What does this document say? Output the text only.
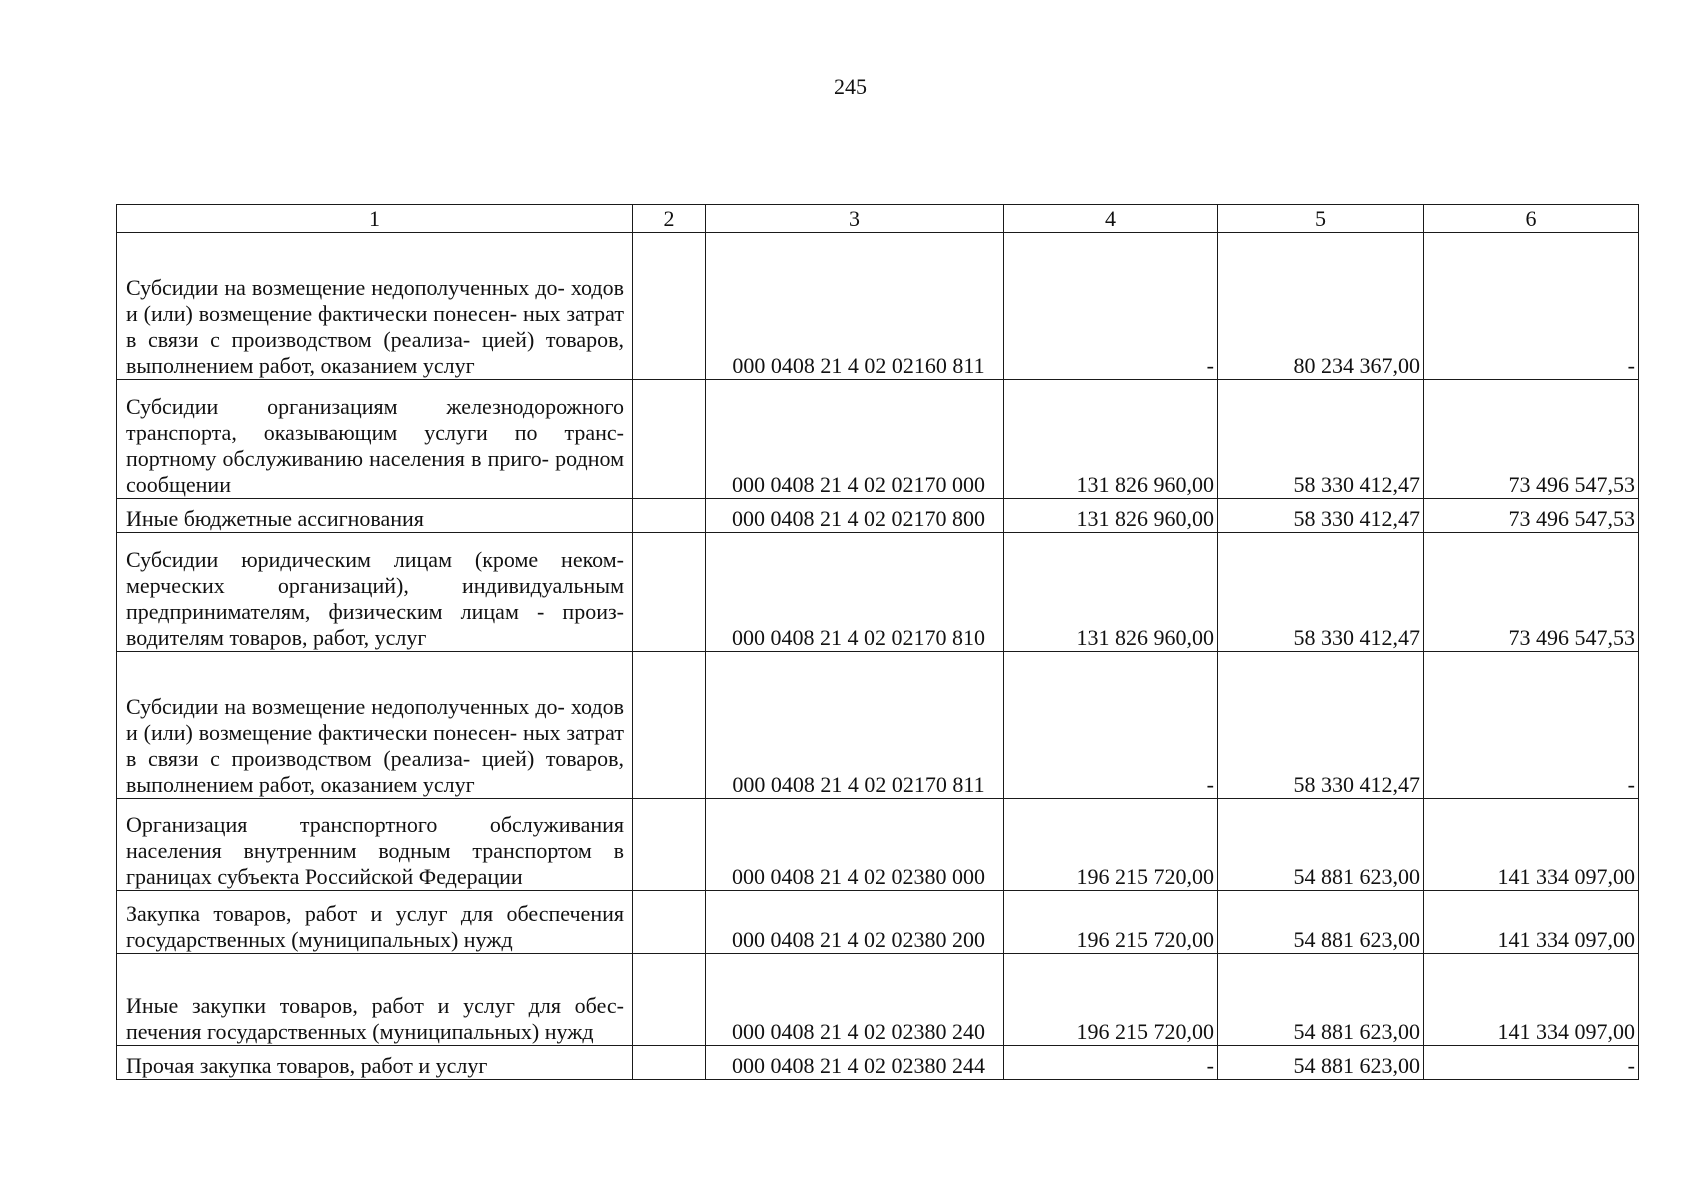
245
1	2	3	4	5	6
Субсидии на возмещение недополученных до- ходов и (или) возмещение фактически понесен- ных затрат в связи с производством (реализа- цией) товаров, выполнением работ, оказанием услуг		000 0408 21 4 02 02160 811	-	80 234 367,00	-
Субсидии организациям железнодорожного транспорта, оказывающим услуги по транс- портному обслуживанию населения в приго- родном сообщении		000 0408 21 4 02 02170 000	131 826 960,00	58 330 412,47	73 496 547,53
Иные бюджетные ассигнования		000 0408 21 4 02 02170 800	131 826 960,00	58 330 412,47	73 496 547,53
Субсидии юридическим лицам (кроме неком- мерческих организаций), индивидуальным предпринимателям, физическим лицам - произ- водителям товаров, работ, услуг		000 0408 21 4 02 02170 810	131 826 960,00	58 330 412,47	73 496 547,53
Субсидии на возмещение недополученных до- ходов и (или) возмещение фактически понесен- ных затрат в связи с производством (реализа- цией) товаров, выполнением работ, оказанием услуг		000 0408 21 4 02 02170 811	-	58 330 412,47	-
Организация транспортного обслуживания населения внутренним водным транспортом в границах субъекта Российской Федерации		000 0408 21 4 02 02380 000	196 215 720,00	54 881 623,00	141 334 097,00
Закупка товаров, работ и услуг для обеспечения государственных (муниципальных) нужд		000 0408 21 4 02 02380 200	196 215 720,00	54 881 623,00	141 334 097,00
Иные закупки товаров, работ и услуг для обес- печения государственных (муниципальных) нужд		000 0408 21 4 02 02380 240	196 215 720,00	54 881 623,00	141 334 097,00
Прочая закупка товаров, работ и услуг		000 0408 21 4 02 02380 244	-	54 881 623,00	-
